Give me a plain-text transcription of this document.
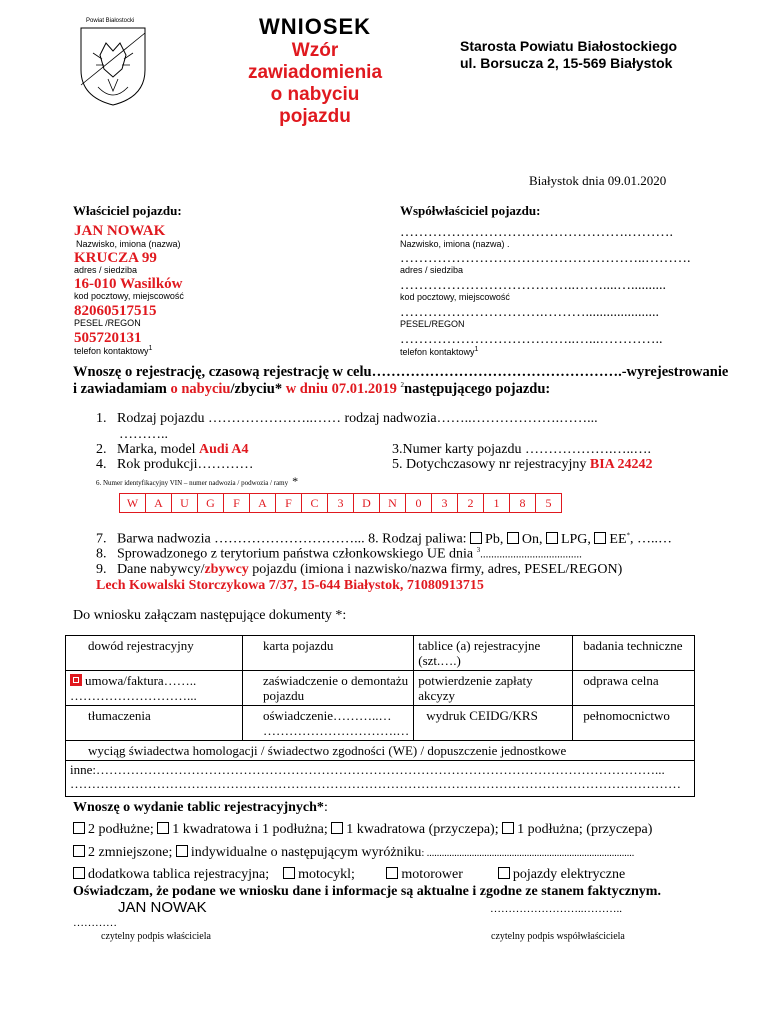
Powiat Białostocki	WNIOSEK
Wzór
zawiadomienia
o nabyciu
pojazdu
Starosta Powiatu Białostockiego
ul. Borsucza 2, 15-569 Białystok
Białystok dnia 09.01.2020
Właściciel pojazdu:
JAN NOWAK
Nazwisko, imiona (nazwa)
KRUCZA 99
adres / siedziba
16-010 Wasilków
kod pocztowy, miejscowość
82060517515
PESEL /REGON
505720131
telefon kontaktowy$^1$
Współwłaściciel pojazdu:
………………………………………….……….
Nazwisko, imiona (nazwa) .
……………………………………………..……….
adres / siedziba
………………………………..……....…..........
kod pocztowy, miejscowość
………………………….……….....................
PESEL/REGON
………………………………..…...…………..
telefon kontaktowy$^1$
Wnoszę o rejestrację, czasową rejestrację w celu…………………………………………….-wyrejestrowanie
i zawiadamiam o nabyciu/zbyciu* w dniu 07.01.2019 $^2$następującego pojazdu:
1. Rodzaj pojazdu …………………..…… rodzaj nadwozia……..……………….……...
………..
2. Marka, model Audi A4	3.Numer karty pojazdu ……………….…..….
4. Rok produkcji…………	5. Dotychczasowy nr rejestracyjny BIA 24242
6. Numer identyfikacyjny VIN – numer nadwozia / podwozia / ramy *
W	A	U	G	F	A	F	C	3	D	N	0	3	2	1	8	5
7. Barwa nadwozia …………………………... 8. Rodzaj paliwa: Pb, On, LPG, EE*, …..…
8. Sprowadzonego z terytorium państwa członkowskiego UE dnia $^3$.....................................
9. Dane nabywcy/zbywcy pojazdu (imiona i nazwisko/nazwa firmy, adres, PESEL/REGON)
Lech Kowalski Storczykowa 7/37, 15-644 Białystok, 71080913715
Do wniosku załączam następujące dokumenty *:
dowód rejestracyjny	karta pojazdu	tablice (a) rejestracyjne (szt.….)	badania techniczne
umowa/faktura……..
………………………...	zaświadczenie o demontażu pojazdu	potwierdzenie zapłaty akcyzy	odprawa celna
tłumaczenia	oświadczenie………..…
………………………….…	wydruk CEIDG/KRS	pełnomocnictwo
wyciąg świadectwa homologacji / świadectwo zgodności (WE) / dopuszczenie jednostkowe			
inne:…………………………………………………………………………………………………………………...
……………………………………………………………………………………………………………………………			
Wnoszę o wydanie tablic rejestracyjnych*:
2 podłużne; 1 kwadratowa i 1 podłużna; 1 kwadratowa (przyczepa); 1 podłużna; (przyczepa)
2 zmniejszone; indywidualne o następującym wyróżniku: ...................................................................................
dodatkowa tablica rejestracyjna; motocykl;	motorower	pojazdy elektryczne
Oświadczam, że podane we wniosku dane i informacje są aktualne i zgodne ze stanem faktycznym.
JAN NOWAK
…………
czytelny podpis właściciela
……………………..………..
czytelny podpis współwłaściciela
